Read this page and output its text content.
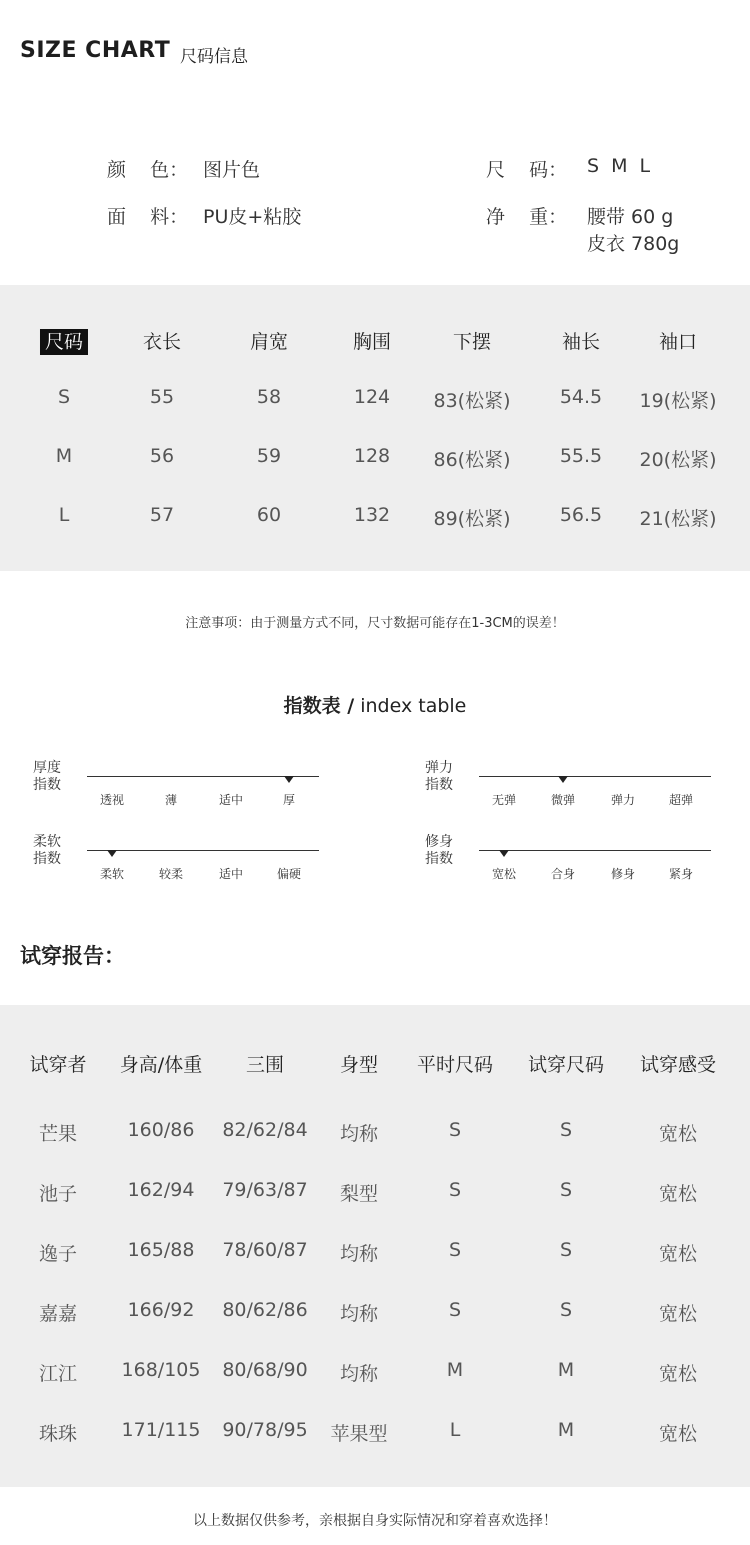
SIZE CHART 尺码信息
颜    色： 图片色
面    料： PU皮+粘胶
尺    码： S M L
净    重： 腰带 60 g
皮衣 780g
尺码	衣长	肩宽	胸围	下摆	袖长	袖口
S	55	58	124 83(松紧)	54.5 19(松紧)
M	56	59	128 86(松紧)	55.5 20(松紧)
L	57	60	132 89(松紧)	56.5 21(松紧)
注意事项：由于测量方式不同，尺寸数据可能存在1-3CM的误差！
指数表 / index table
厚度
指数
透视	薄	适中	厚
弹力
指数
无弹	微弹	弹力	超弹
柔软
指数
柔软	较柔	适中	偏硬
修身
指数
宽松	合身	修身	紧身
试穿报告：
试穿者 身高/体重 三围	身型 平时尺码 试穿尺码 试穿感受
芒果	160/86 82/62/84 均称	S	S	宽松
池子	162/94 79/63/87 梨型	S	S	宽松
逸子	165/88 78/60/87 均称	S	S	宽松
嘉嘉	166/92 80/62/86 均称	S	S	宽松
江江 168/105 80/68/90 均称	M	M	宽松
珠珠 171/115 90/78/95 苹果型	L	M	宽松
以上数据仅供参考，亲根据自身实际情况和穿着喜欢选择！
